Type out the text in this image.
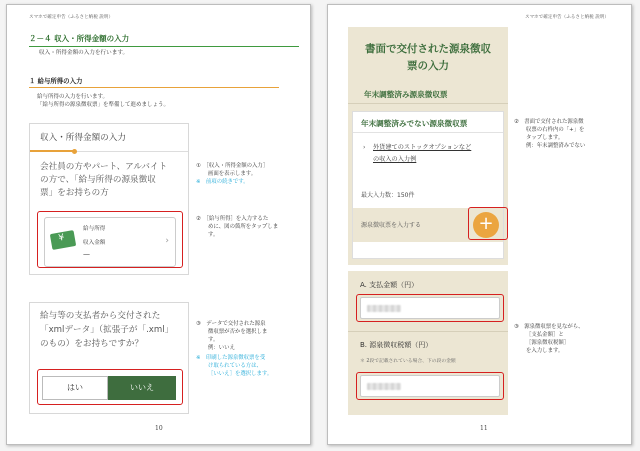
スマホで確定申告（ふるさと納税 説明）
２－４ 収入・所得金額の入力
収入・所得金額の入力を行います。
１ 給与所得の入力
給与所得の入力を行います。
「給与所得の源泉徴収票」を準備して進めましょう。
収入・所得金額の入力
会社員の方やパート、アルバイト
の方で、「給与所得の源泉徴収
票」をお持ちの方
¥
給与所得
収入金額
—
›
①　［収入・所得金額の入力］
画面を表示します。
※　前項の続きです。
②　［給与所得］を入力するた
めに、図の箇所をタップしま
す。
給与等の支払者から交付された
「xmlデータ」（拡張子が「.xml」
のもの）をお持ちですか？
はい	いいえ
③　データで交付された源泉
徴収票が否かを選択しま
す。
例：いいえ
※　印刷した源泉徴収票を受
け取られている方は、
［いいえ］を選択します。
10
スマホで確定申告（ふるさと納税 説明）
書面で交付された源泉徴収
票の入力
年末調整済み源泉徴収票
年末調整済みでない源泉徴収票
›	外貨建てのストックオプションなど
の収入の入力例
最大入力数：150件
源泉徴収票を入力する	+
②　書面で交付された源泉徴
収票の右枠内の「+」を
タップします。
例：年末調整済みでない
A. 支払金額（円）
B. 源泉徴収税額（円）
＊ 2段で記載されている場合、下の段の金額
③　源泉徴収票を見ながら、
［支払金額］と
［源泉徴収税額］
を入力します。
11
